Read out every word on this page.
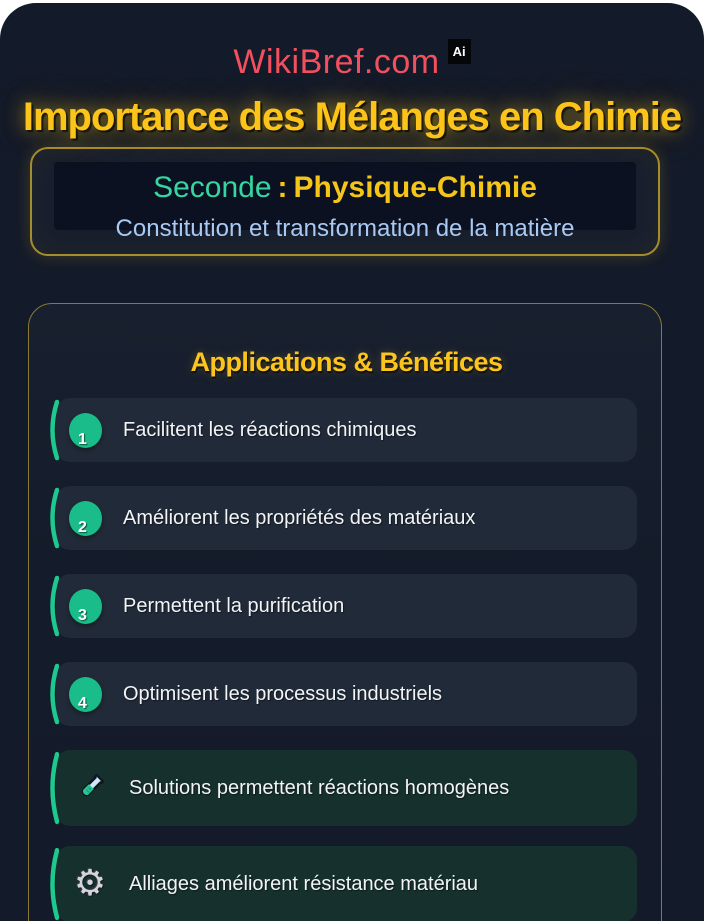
WikiBref.com Ai
Importance des Mélanges en Chimie
Seconde : Physique-Chimie
Constitution et transformation de la matière
Applications & Bénéfices
1 Facilitent les réactions chimiques
2 Améliorent les propriétés des matériaux
3 Permettent la purification
4 Optimisent les processus industriels
Solutions permettent réactions homogènes
⚙ Alliages améliorent résistance matériau
